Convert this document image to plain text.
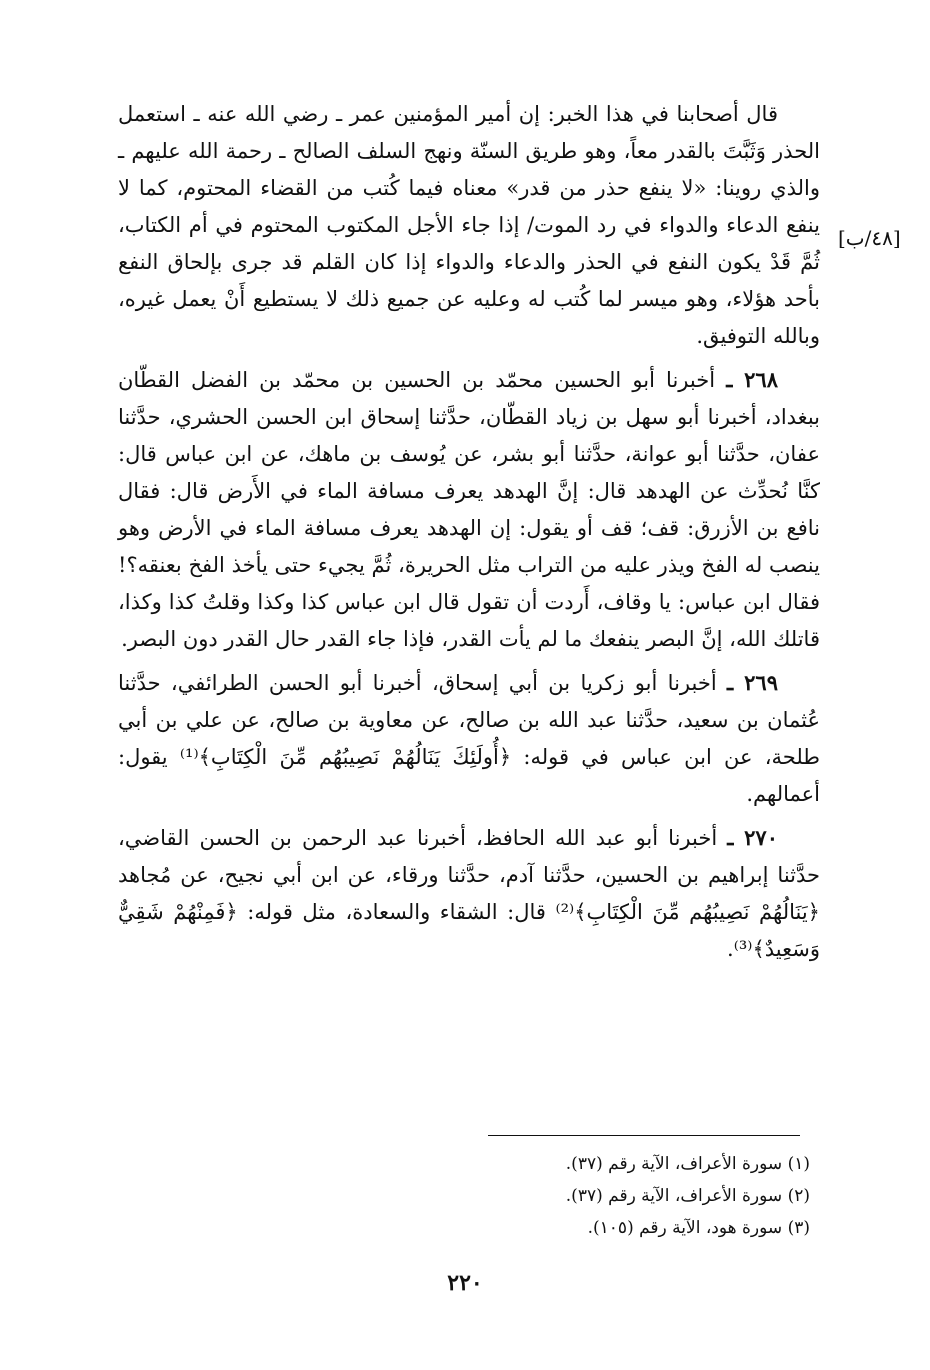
[٤٨/ب]

قال أصحابنا في هذا الخبر: إن أمير المؤمنين عمر ـ رضي الله عنه ـ استعمل الحذر وَثَبَّتَ بالقدر معاً، وهو طريق السنّة ونهج السلف الصالح ـ رحمة الله عليهم ـ والذي روينا: «لا ينفع حذر من قدر» معناه فيما كُتب من القضاء المحتوم، كما لا ينفع الدعاء والدواء في رد الموت/ إذا جاء الأجل المكتوب المحتوم في أم الكتاب، ثُمَّ قَدْ يكون النفع في الحذر والدعاء والدواء إذا كان القلم قد جرى بإلحاق النفع بأحد هؤلاء، وهو ميسر لما كُتب له وعليه عن جميع ذلك لا يستطيع أَنْ يعمل غيره، وبالله التوفيق.

٢٦٨ ـ أخبرنا أبو الحسين محمّد بن الحسين بن محمّد بن الفضل القطّان ببغداد، أخبرنا أبو سهل بن زياد القطّان، حدَّثنا إسحاق ابن الحسن الحشري، حدَّثنا عفان، حدَّثنا أبو عوانة، حدَّثنا أبو بشر، عن يُوسف بن ماهك، عن ابن عباس قال: كنَّا نُحدِّث عن الهدهد قال: إنَّ الهدهد يعرف مسافة الماء في الأَرض قال: فقال نافع بن الأزرق: قف؛ قف أو يقول: إن الهدهد يعرف مسافة الماء في الأرض وهو ينصب له الفخ ويذر عليه من التراب مثل الحريرة، ثُمَّ يجيء حتى يأخذ الفخ بعنقه؟! فقال ابن عباس: يا وقاف، أَردت أن تقول قال ابن عباس كذا وكذا وقلتُ كذا وكذا، قاتلك الله، إنَّ البصر ينفعك ما لم يأت القدر، فإذا جاء القدر حال القدر دون البصر.

٢٦٩ ـ أخبرنا أبو زكريا بن أبي إسحاق، أخبرنا أبو الحسن الطرائفي، حدَّثنا عُثمان بن سعيد، حدَّثنا عبد الله بن صالح، عن معاوية بن صالح، عن علي بن أبي طلحة، عن ابن عباس في قوله: ﴿أُولَئِكَ يَنَالُهُمْ نَصِيبُهُم مِّنَ الْكِتَابِ﴾⁽¹⁾ يقول: أعمالهم.

٢٧٠ ـ أخبرنا أبو عبد الله الحافظ، أخبرنا عبد الرحمن بن الحسن القاضي، حدَّثنا إبراهيم بن الحسين، حدَّثنا آدم، حدَّثنا ورقاء، عن ابن أبي نجيح، عن مُجاهد ﴿يَنَالُهُمْ نَصِيبُهُم مِّنَ الْكِتَابِ﴾⁽²⁾ قال: الشقاء والسعادة، مثل قوله: ﴿فَمِنْهُمْ شَقِيٌّ وَسَعِيدٌ﴾⁽³⁾.

(١) سورة الأعراف، الآية رقم (٣٧).
(٢) سورة الأعراف، الآية رقم (٣٧).
(٣) سورة هود، الآية رقم (١٠٥).
٢٢٠
